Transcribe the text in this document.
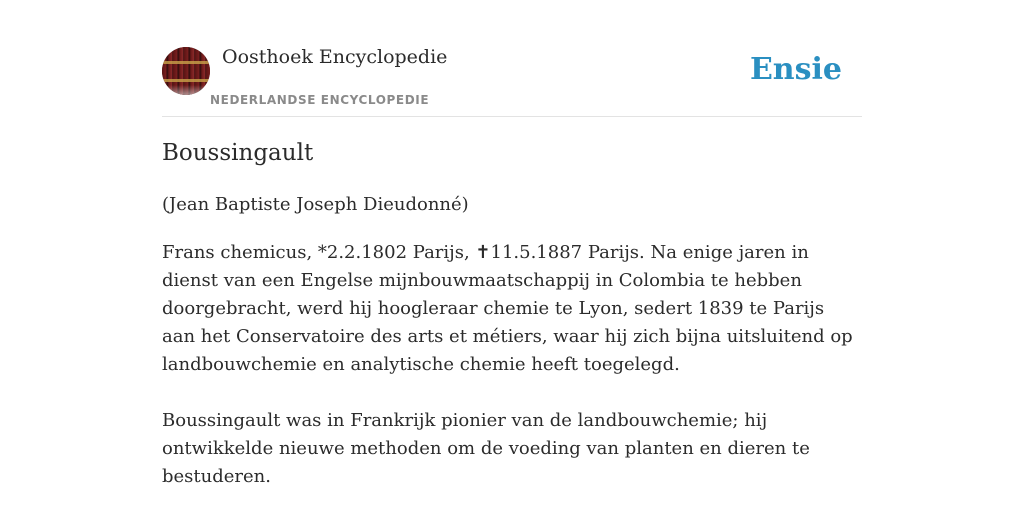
Oosthoek Encyclopedie
NEDERLANDSE ENCYCLOPEDIE
Ensie
Boussingault
(Jean Baptiste Joseph Dieudonné)

Frans chemicus, *2.2.1802 Parijs, ✝11.5.1887 Parijs. Na enige jaren in dienst van een Engelse mijnbouwmaatschappij in Colombia te hebben doorgebracht, werd hij hoogleraar chemie te Lyon, sedert 1839 te Parijs aan het Conservatoire des arts et métiers, waar hij zich bijna uitsluitend op landbouwchemie en analytische chemie heeft toegelegd.

Boussingault was in Frankrijk pionier van de landbouwchemie; hij ontwikkelde nieuwe methoden om de voeding van planten en dieren te bestuderen.
